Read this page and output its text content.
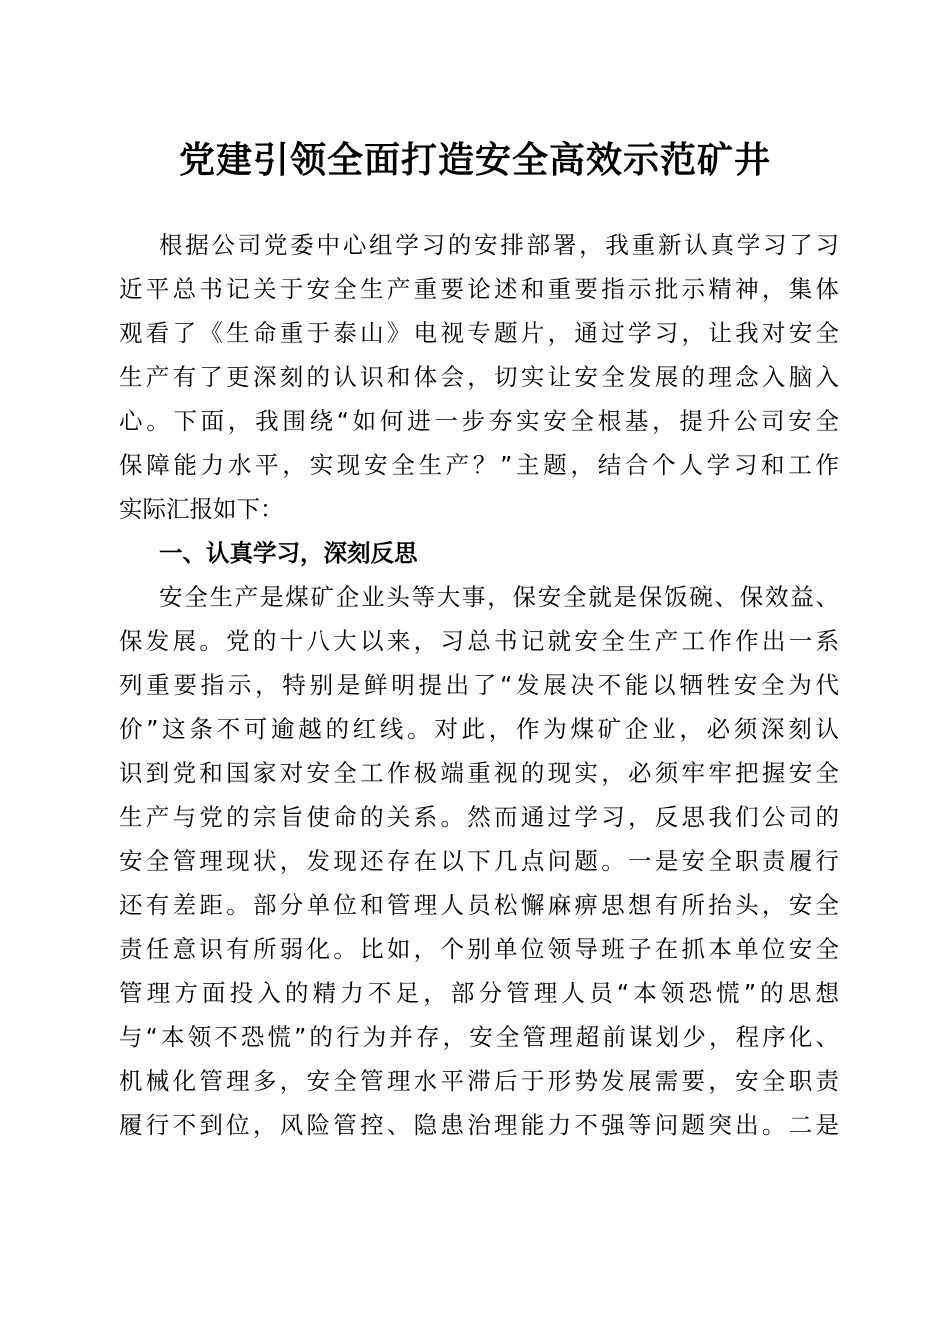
党建引领全面打造安全高效示范矿井
根据公司党委中心组学习的安排部署，我重新认真学习了习
近平总书记关于安全生产重要论述和重要指示批示精神，集体
观看了《生命重于泰山》电视专题片，通过学习，让我对安全
生产有了更深刻的认识和体会，切实让安全发展的理念入脑入
心。下面，我围绕“如何进一步夯实安全根基，提升公司安全
保障能力水平，实现安全生产？”主题，结合个人学习和工作
实际汇报如下：
一、认真学习，深刻反思
安全生产是煤矿企业头等大事，保安全就是保饭碗、保效益、
保发展。党的十八大以来，习总书记就安全生产工作作出一系
列重要指示，特别是鲜明提出了“发展决不能以牺牲安全为代
价”这条不可逾越的红线。对此，作为煤矿企业，必须深刻认
识到党和国家对安全工作极端重视的现实，必须牢牢把握安全
生产与党的宗旨使命的关系。然而通过学习，反思我们公司的
安全管理现状，发现还存在以下几点问题。一是安全职责履行
还有差距。部分单位和管理人员松懈麻痹思想有所抬头，安全
责任意识有所弱化。比如，个别单位领导班子在抓本单位安全
管理方面投入的精力不足，部分管理人员“本领恐慌”的思想
与“本领不恐慌”的行为并存，安全管理超前谋划少，程序化、
机械化管理多，安全管理水平滞后于形势发展需要，安全职责
履行不到位，风险管控、隐患治理能力不强等问题突出。二是
